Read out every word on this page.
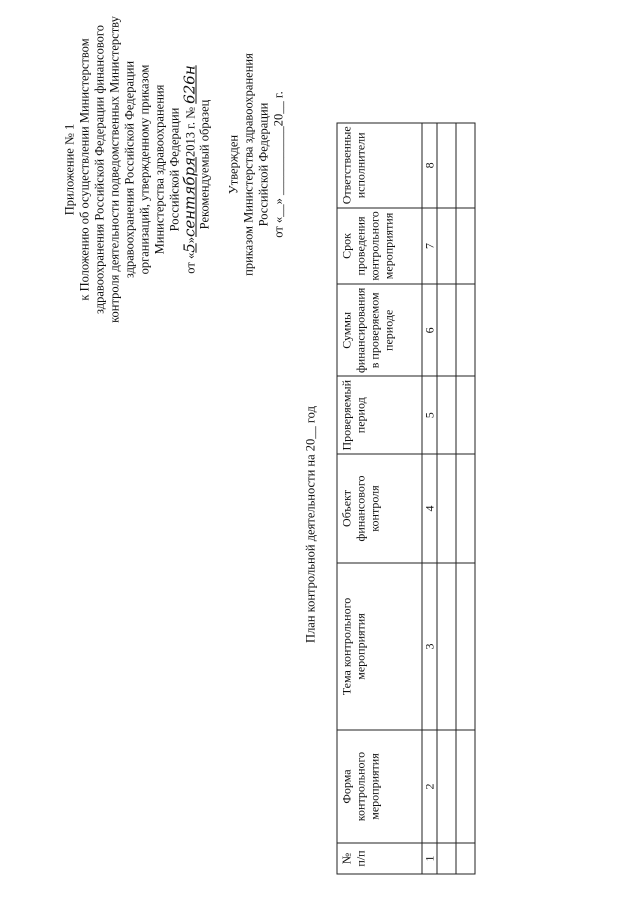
Приложение № 1 к Положению об осуществлении Министерством здравоохранения Российской Федерации финансового контроля деятельности подведомственных Министерству здравоохранения Российской Федерации организаций, утвержденному приказом Министерства здравоохранения Российской Федерации
от «5»сентября2013 г. № 626н
Рекомендуемый образец Утвержден приказом Министерства здравоохранения Российской Федерации от «__» ___________20__ г.
План контрольной деятельности на 20__ год
№ п/п	Форма контрольного мероприятия	Тема контрольного мероприятия	Объект финансового контроля	Проверяемый период	Суммы финансирования в проверяемом периоде	Срок проведения контрольного мероприятия	Ответственные исполнители
1	2	3	4	5	6	7	8
